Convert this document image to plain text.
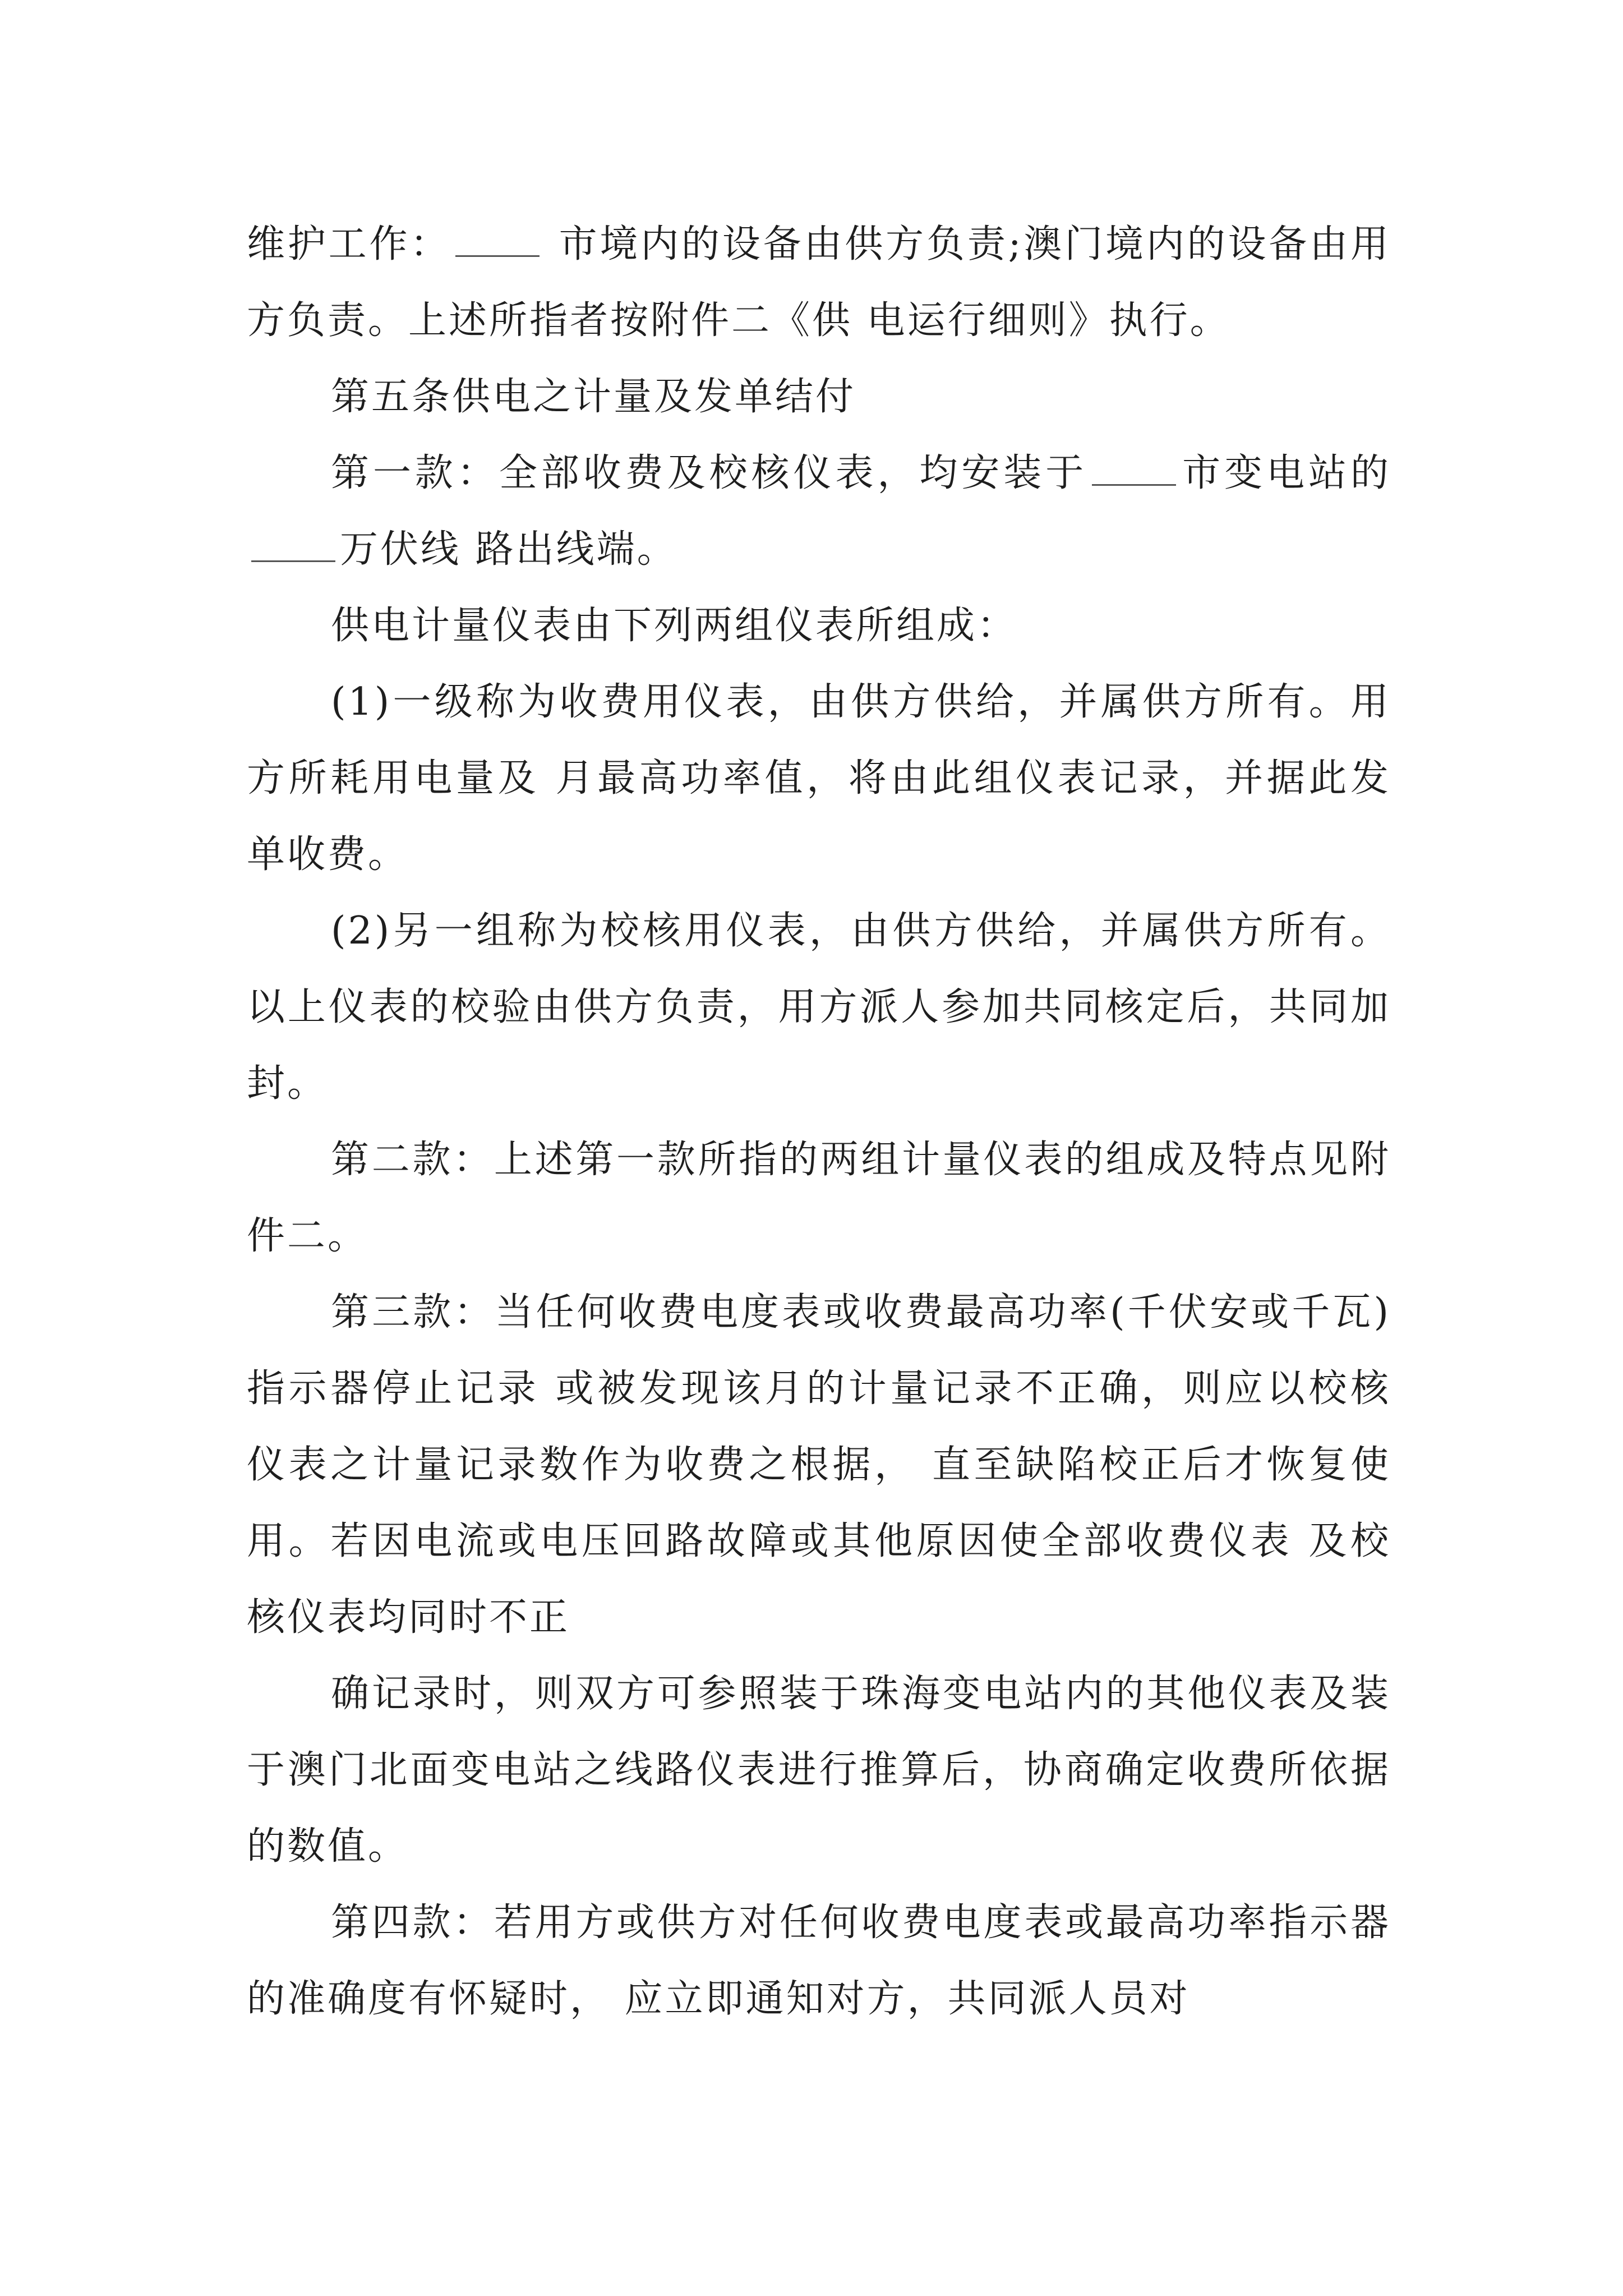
维护工作： 市境内的设备由供方负责;澳门境内的设备由用方负责。上述所指者按附件二《供 电运行细则》执行。

第五条供电之计量及发单结付

第一款：全部收费及校核仪表，均安装于 市变电站的万伏线 路出线端。

供电计量仪表由下列两组仪表所组成：

(1)一级称为收费用仪表，由供方供给，并属供方所有。用方所耗用电量及 月最高功率值，将由此组仪表记录，并据此发单收费。

(2)另一组称为校核用仪表，由供方供给，并属供方所有。 以上仪表的校验由供方负责，用方派人参加共同核定后，共同加封。

第二款：上述第一款所指的两组计量仪表的组成及特点见附件二。

第三款：当任何收费电度表或收费最高功率(千伏安或千瓦)指示器停止记录 或被发现该月的计量记录不正确，则应以校核仪表之计量记录数作为收费之根据， 直至缺陷校正后才恢复使用。若因电流或电压回路故障或其他原因使全部收费仪表 及校核仪表均同时不正

确记录时，则双方可参照装于珠海变电站内的其他仪表及装 于澳门北面变电站之线路仪表进行推算后，协商确定收费所依据的数值。

第四款：若用方或供方对任何收费电度表或最高功率指示器的准确度有怀疑时， 应立即通知对方，共同派人员对
